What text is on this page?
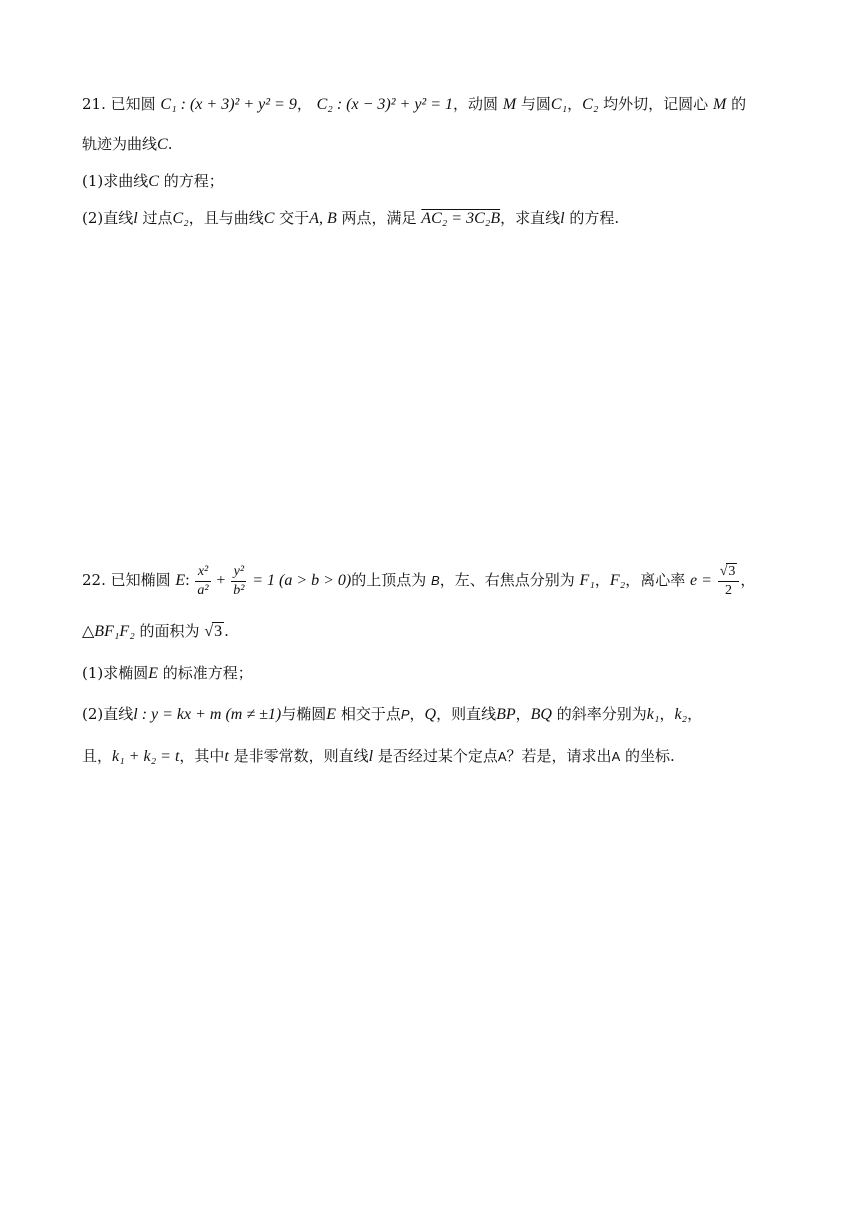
21. 已知圆 C₁ : (x + 3)² + y² = 9， C₂ : (x − 3)² + y² = 1，动圆 M 与圆C₁，C₂ 均外切，记圆心 M 的
轨迹为曲线C.
(1)求曲线C 的方程；
(2)直线l 过点C₂，且与曲线C 交于A, B 两点，满足 AC₂ = 3C₂B，求直线l 的方程.
22. 已知椭圆 E: $\frac{\text{x²}}{\text{a²}} + \frac{\text{y²}}{\text{b²}} = 1$ (a > b > 0)的上顶点为 B，左、右焦点分别为 F₁，F₂，离心率 $e = \frac{√3}{2}$ ，
△BF₁F₂ 的面积为 √3 .
(1)求椭圆E 的标准方程；
(2)直线l : y = kx + m (m ≠ ±1)与椭圆E 相交于点P，Q，则直线BP，BQ 的斜率分别为k₁，k₂，
且，k₁ + k₂ = t，其中t 是非零常数，则直线l 是否经过某个定点A？若是，请求出A 的坐标.
